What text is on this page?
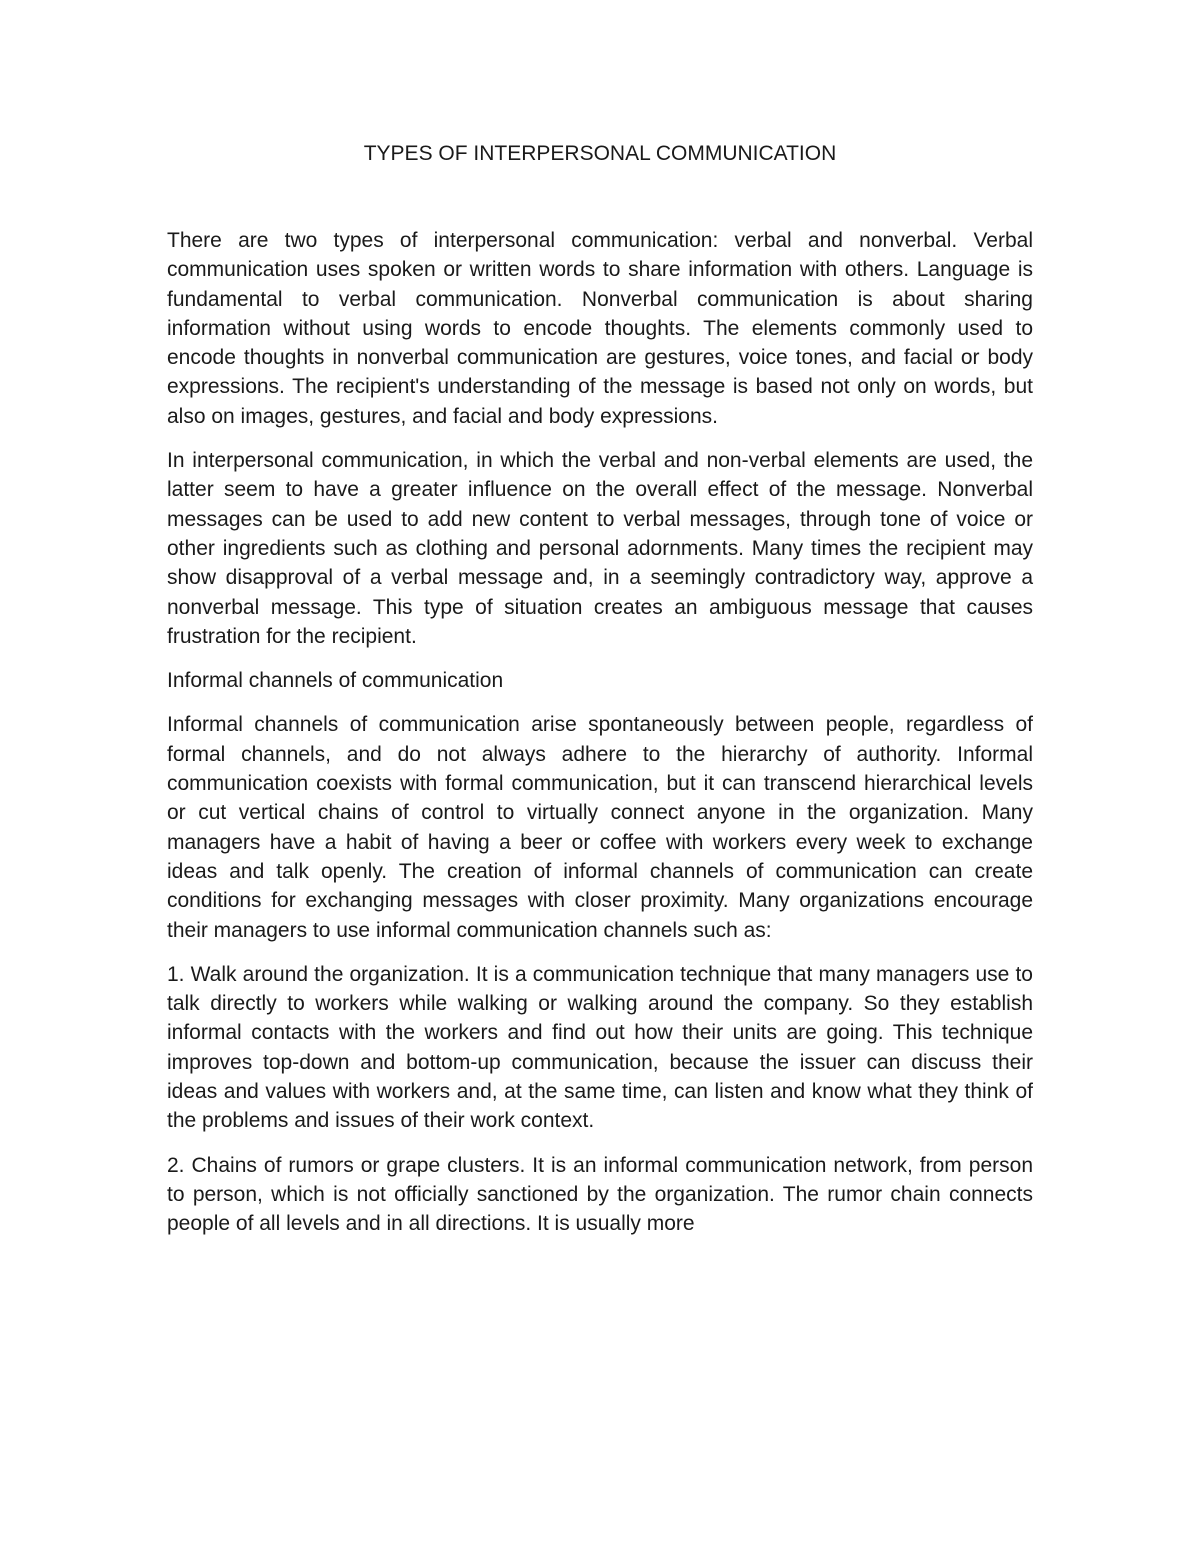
TYPES OF INTERPERSONAL COMMUNICATION

There are two types of interpersonal communication: verbal and nonverbal. Verbal communication uses spoken or written words to share information with others. Language is fundamental to verbal communication. Nonverbal communication is about sharing information without using words to encode thoughts. The elements commonly used to encode thoughts in nonverbal communication are gestures, voice tones, and facial or body expressions. The recipient's understanding of the message is based not only on words, but also on images, gestures, and facial and body expressions.

In interpersonal communication, in which the verbal and non-verbal elements are used, the latter seem to have a greater influence on the overall effect of the message. Nonverbal messages can be used to add new content to verbal messages, through tone of voice or other ingredients such as clothing and personal adornments. Many times the recipient may show disapproval of a verbal message and, in a seemingly contradictory way, approve a nonverbal message. This type of situation creates an ambiguous message that causes frustration for the recipient.

Informal channels of communication

Informal channels of communication arise spontaneously between people, regardless of formal channels, and do not always adhere to the hierarchy of authority. Informal communication coexists with formal communication, but it can transcend hierarchical levels or cut vertical chains of control to virtually connect anyone in the organization. Many managers have a habit of having a beer or coffee with workers every week to exchange ideas and talk openly. The creation of informal channels of communication can create conditions for exchanging messages with closer proximity. Many organizations encourage their managers to use informal communication channels such as:

1. Walk around the organization. It is a communication technique that many managers use to talk directly to workers while walking or walking around the company. So they establish informal contacts with the workers and find out how their units are going. This technique improves top-down and bottom-up communication, because the issuer can discuss their ideas and values with workers and, at the same time, can listen and know what they think of the problems and issues of their work context.

2. Chains of rumors or grape clusters. It is an informal communication network, from person to person, which is not officially sanctioned by the organization. The rumor chain connects people of all levels and in all directions. It is usually more
